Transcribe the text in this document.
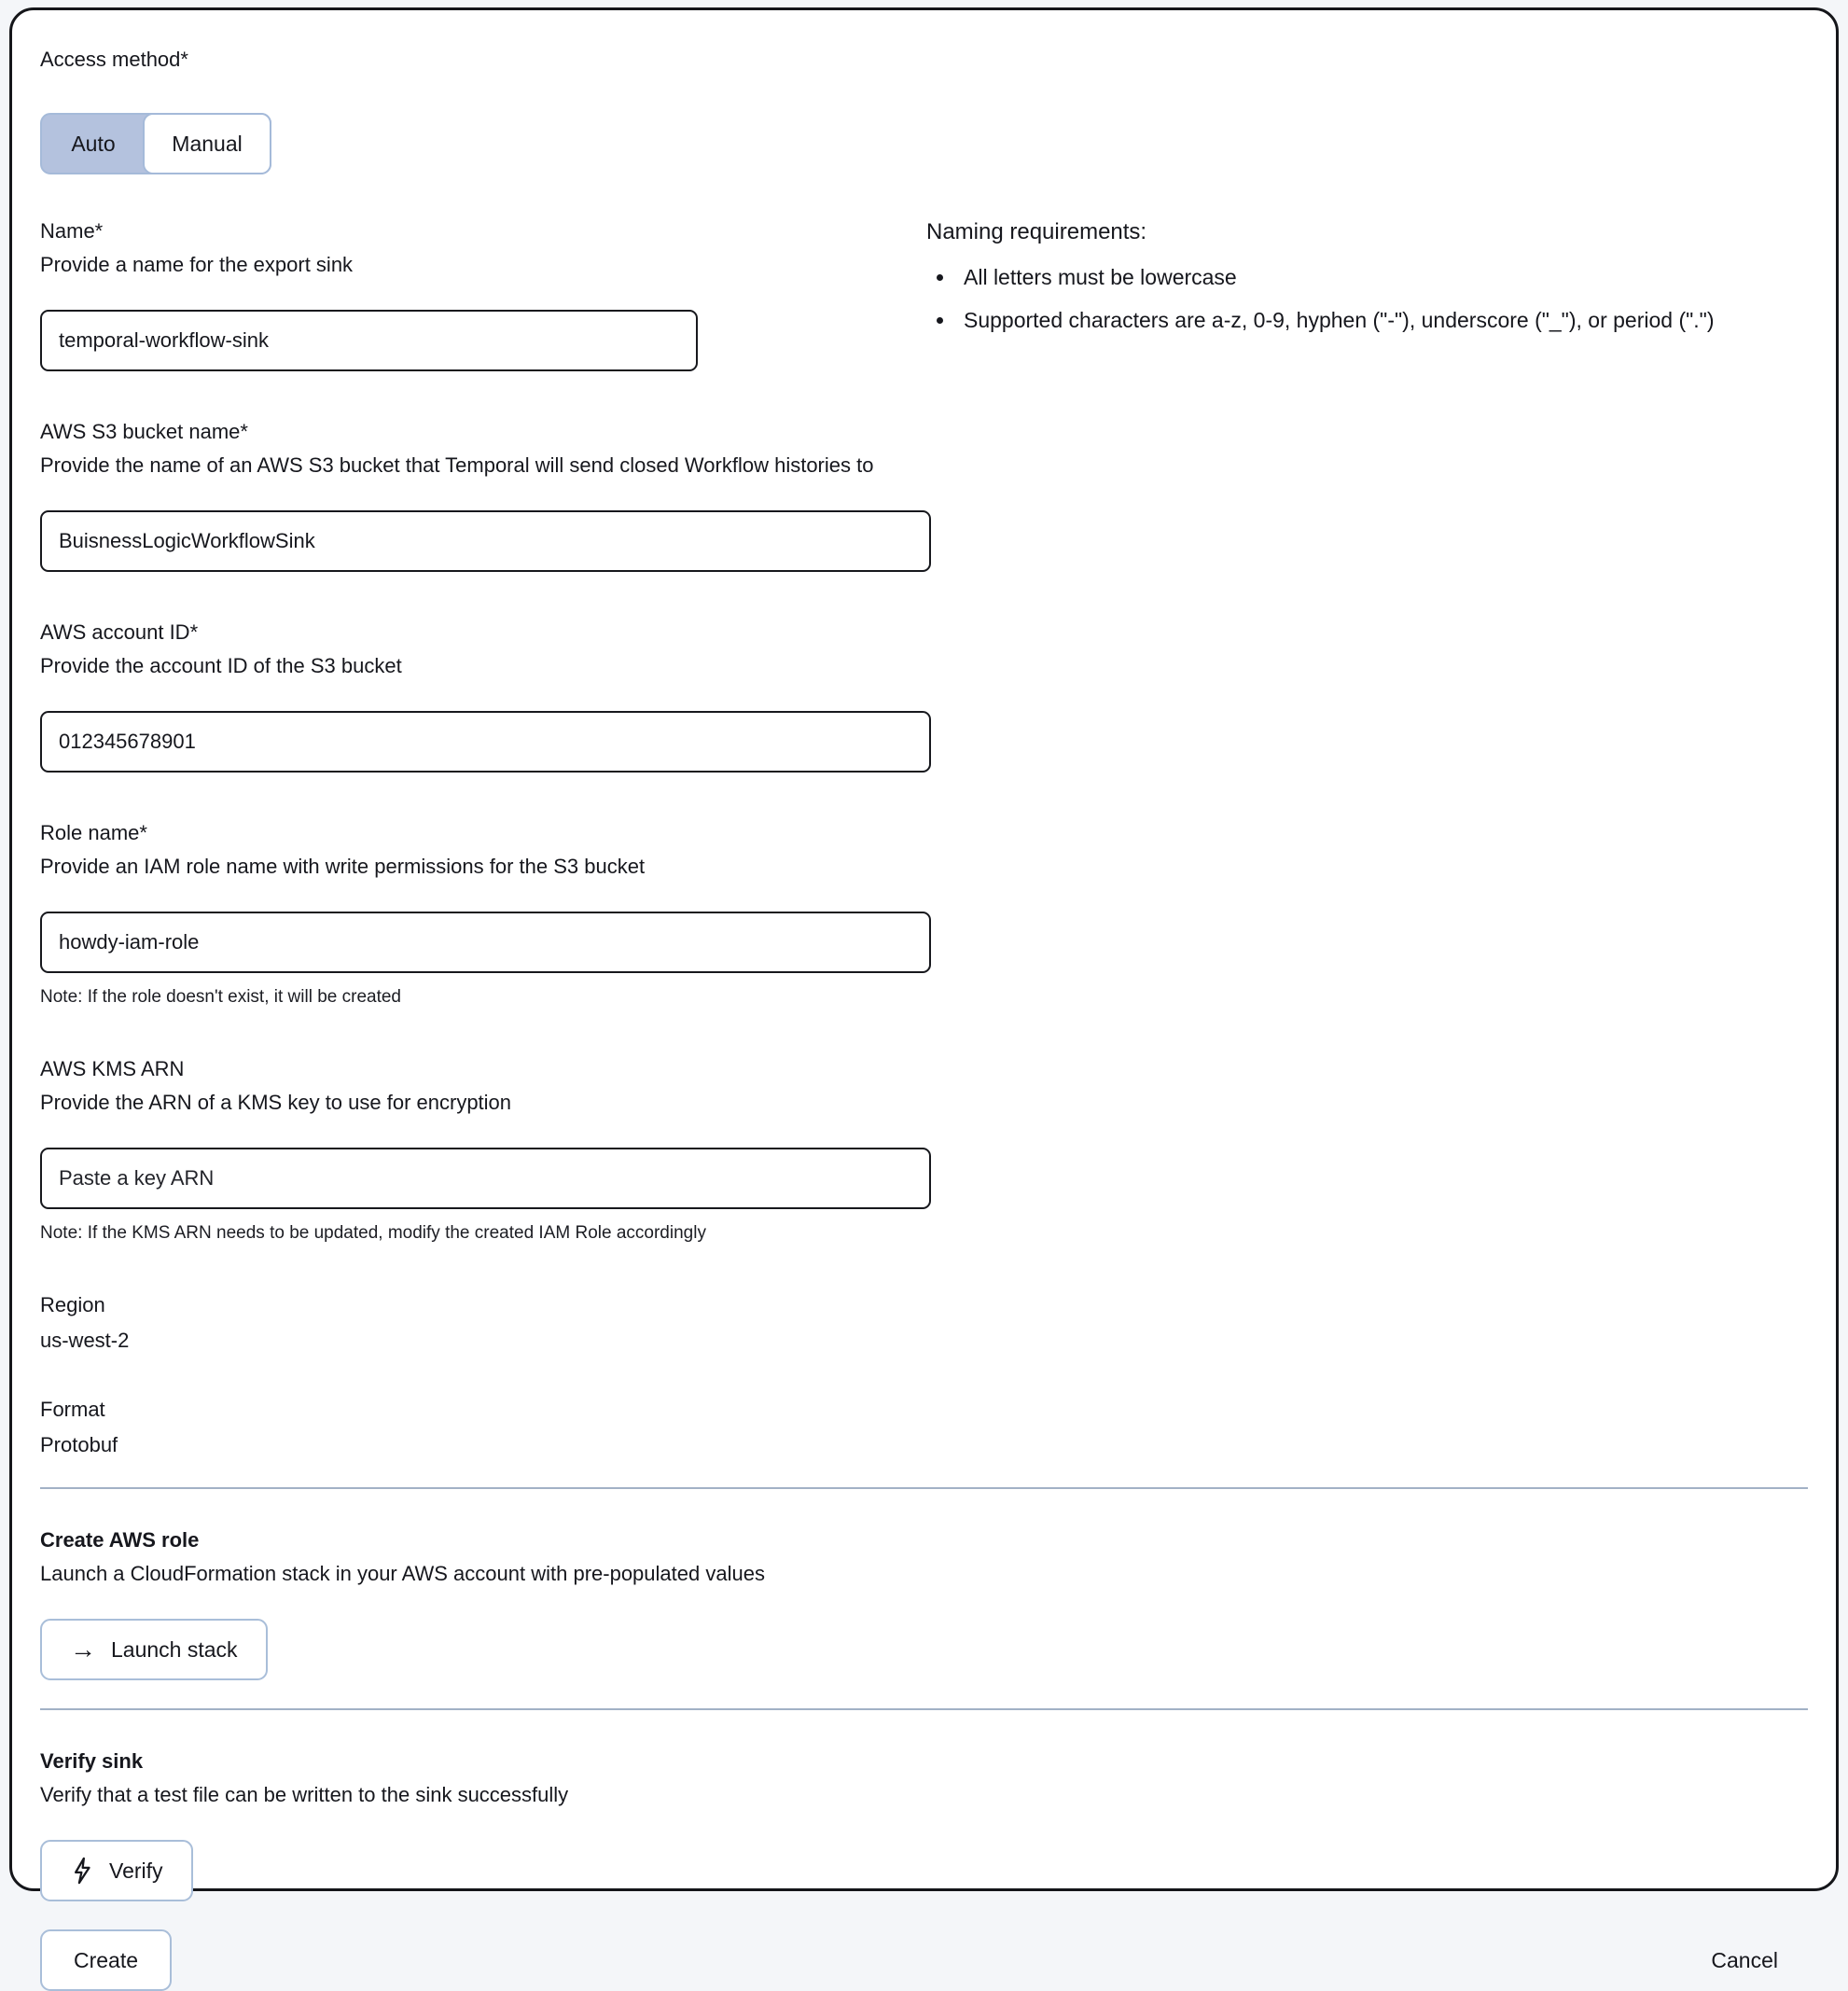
Access method*
Auto	Manual
Name*
Provide a name for the export sink
temporal-workflow-sink
Naming requirements:
• All letters must be lowercase
• Supported characters are a-z, 0-9, hyphen ("-"), underscore ("_"), or period (".")
AWS S3 bucket name*
Provide the name of an AWS S3 bucket that Temporal will send closed Workflow histories to
BuisnessLogicWorkflowSink
AWS account ID*
Provide the account ID of the S3 bucket
012345678901
Role name*
Provide an IAM role name with write permissions for the S3 bucket
howdy-iam-role
Note: If the role doesn't exist, it will be created
AWS KMS ARN
Provide the ARN of a KMS key to use for encryption
Paste a key ARN
Note: If the KMS ARN needs to be updated, modify the created IAM Role accordingly
Region
us-west-2
Format
Protobuf
Create AWS role
Launch a CloudFormation stack in your AWS account with pre-populated values
→ Launch stack
Verify sink
Verify that a test file can be written to the sink successfully
Verify
Create	Cancel
